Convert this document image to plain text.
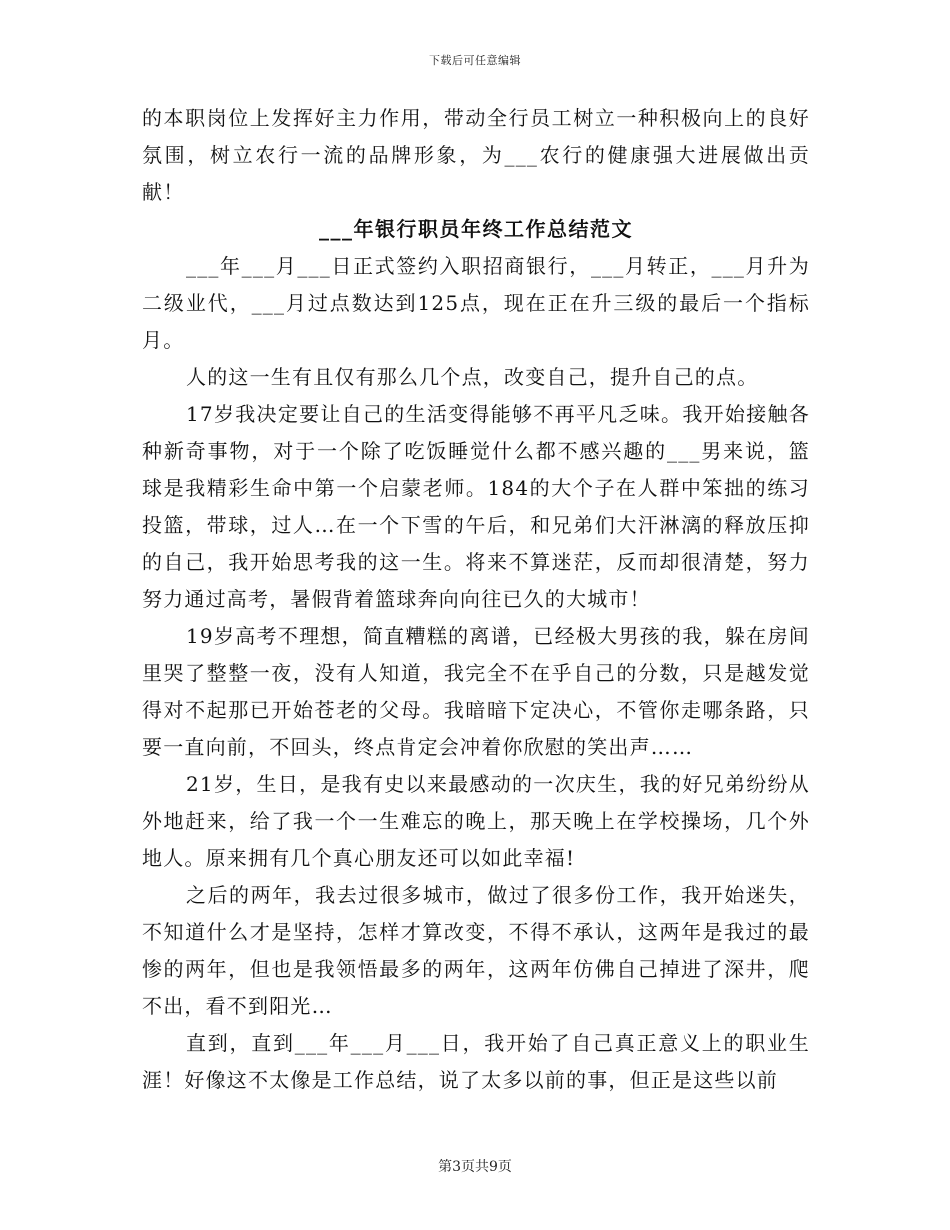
下载后可任意编辑

的本职岗位上发挥好主力作用，带动全行员工树立一种积极向上的良好氛围，树立农行一流的品牌形象，为___农行的健康强大进展做出贡献！

___年银行职员年终工作总结范文

___年___月___日正式签约入职招商银行，___月转正，___月升为二级业代，___月过点数达到125点，现在正在升三级的最后一个指标月。

人的这一生有且仅有那么几个点，改变自己，提升自己的点。

17岁我决定要让自己的生活变得能够不再平凡乏味。我开始接触各种新奇事物，对于一个除了吃饭睡觉什么都不感兴趣的___男来说，篮球是我精彩生命中第一个启蒙老师。184的大个子在人群中笨拙的练习投篮，带球，过人…在一个下雪的午后，和兄弟们大汗淋漓的释放压抑的自己，我开始思考我的这一生。将来不算迷茫，反而却很清楚，努力努力通过高考，暑假背着篮球奔向向往已久的大城市！

19岁高考不理想，简直糟糕的离谱，已经极大男孩的我，躲在房间里哭了整整一夜，没有人知道，我完全不在乎自己的分数，只是越发觉得对不起那已开始苍老的父母。我暗暗下定决心，不管你走哪条路，只要一直向前，不回头，终点肯定会冲着你欣慰的笑出声……

21岁，生日，是我有史以来最感动的一次庆生，我的好兄弟纷纷从外地赶来，给了我一个一生难忘的晚上，那天晚上在学校操场，几个外地人。原来拥有几个真心朋友还可以如此幸福!

之后的两年，我去过很多城市，做过了很多份工作，我开始迷失，不知道什么才是坚持，怎样才算改变，不得不承认，这两年是我过的最惨的两年，但也是我领悟最多的两年，这两年仿佛自己掉进了深井，爬不出，看不到阳光…

直到，直到___年___月___日，我开始了自己真正意义上的职业生涯！好像这不太像是工作总结，说了太多以前的事，但正是这些以前

第3页共9页
